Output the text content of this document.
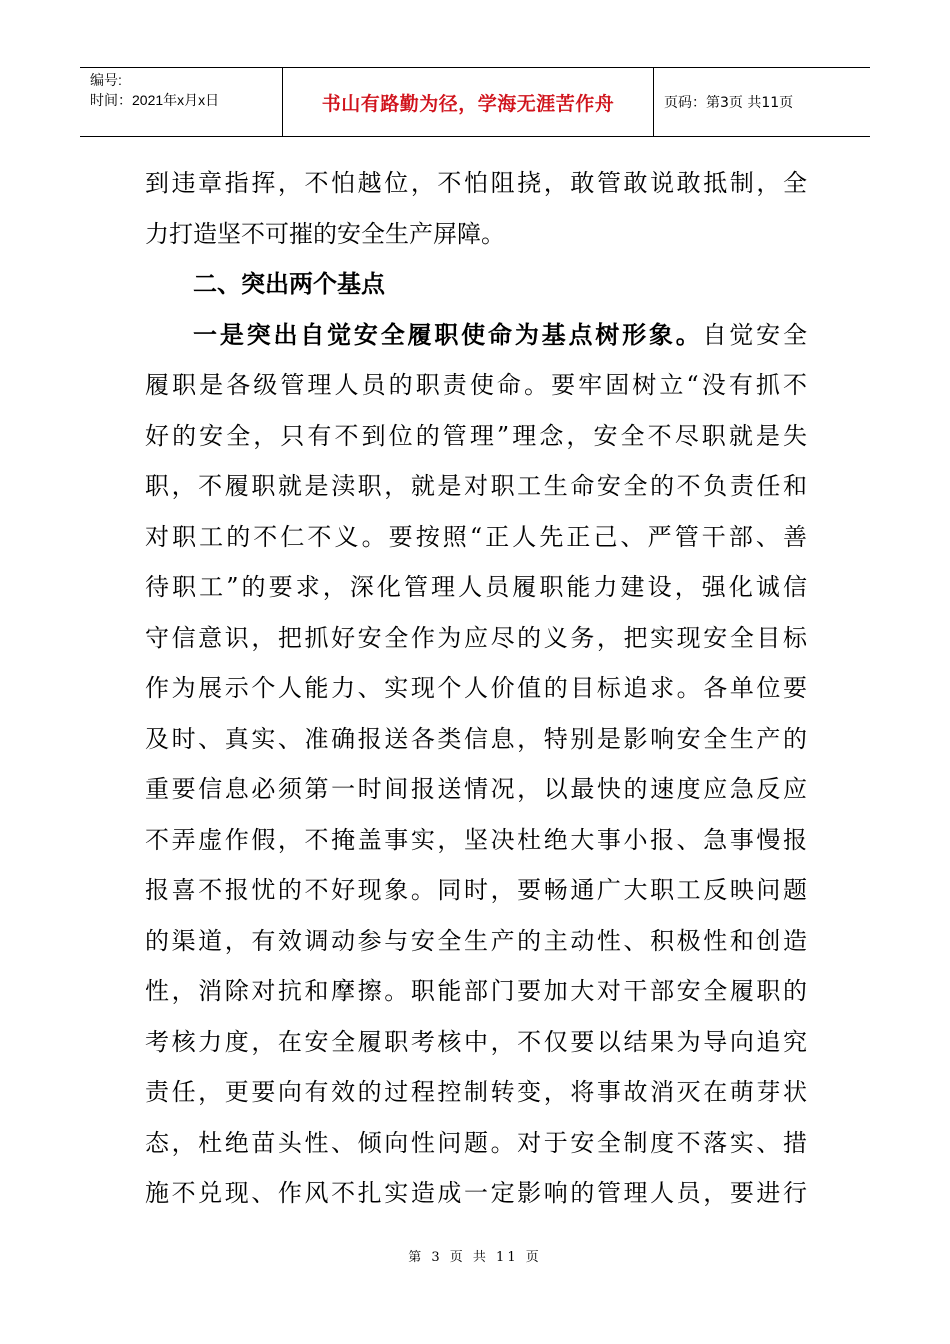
编号:
时间：2021年x月x日	书山有路勤为径，学海无涯苦作舟	页码：第3页 共11页
到违章指挥，不怕越位，不怕阻挠，敢管敢说敢抵制，全
力打造坚不可摧的安全生产屏障。
二、突出两个基点
一是突出自觉安全履职使命为基点树形象。自觉安全
履职是各级管理人员的职责使命。要牢固树立“没有抓不
好的安全，只有不到位的管理”理念，安全不尽职就是失
职，不履职就是渎职，就是对职工生命安全的不负责任和
对职工的不仁不义。要按照“正人先正己、严管干部、善
待职工”的要求，深化管理人员履职能力建设，强化诚信
守信意识，把抓好安全作为应尽的义务，把实现安全目标
作为展示个人能力、实现个人价值的目标追求。各单位要
及时、真实、准确报送各类信息，特别是影响安全生产的
重要信息必须第一时间报送情况，以最快的速度应急反应
不弄虚作假，不掩盖事实，坚决杜绝大事小报、急事慢报
报喜不报忧的不好现象。同时，要畅通广大职工反映问题
的渠道，有效调动参与安全生产的主动性、积极性和创造
性，消除对抗和摩擦。职能部门要加大对干部安全履职的
考核力度，在安全履职考核中，不仅要以结果为导向追究
责任，更要向有效的过程控制转变，将事故消灭在萌芽状
态，杜绝苗头性、倾向性问题。对于安全制度不落实、措
施不兑现、作风不扎实造成一定影响的管理人员，要进行
第 3 页 共 11 页
